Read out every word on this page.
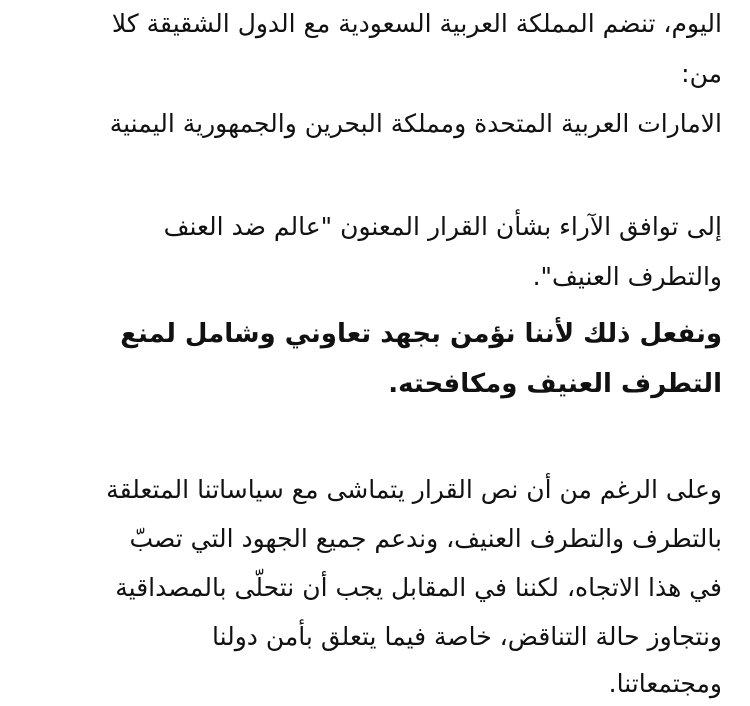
اليوم، تنضم المملكة العربية السعودية مع الدول الشقيقة كلا
من:
الامارات العربية المتحدة ومملكة البحرين والجمهورية اليمنية
إلى توافق الآراء بشأن القرار المعنون "عالم ضد العنف
والتطرف العنيف".
ونفعل ذلك لأننا نؤمن بجهد تعاوني وشامل لمنع
التطرف العنيف ومكافحته.
وعلى الرغم من أن نص القرار يتماشى مع سياساتنا المتعلقة
بالتطرف والتطرف العنيف، وندعم جميع الجهود التي تصبّ
في هذا الاتجاه، لكننا في المقابل يجب أن نتحلّى بالمصداقية
ونتجاوز حالة التناقض، خاصة فيما يتعلق بأمن دولنا
ومجتمعاتنا.
